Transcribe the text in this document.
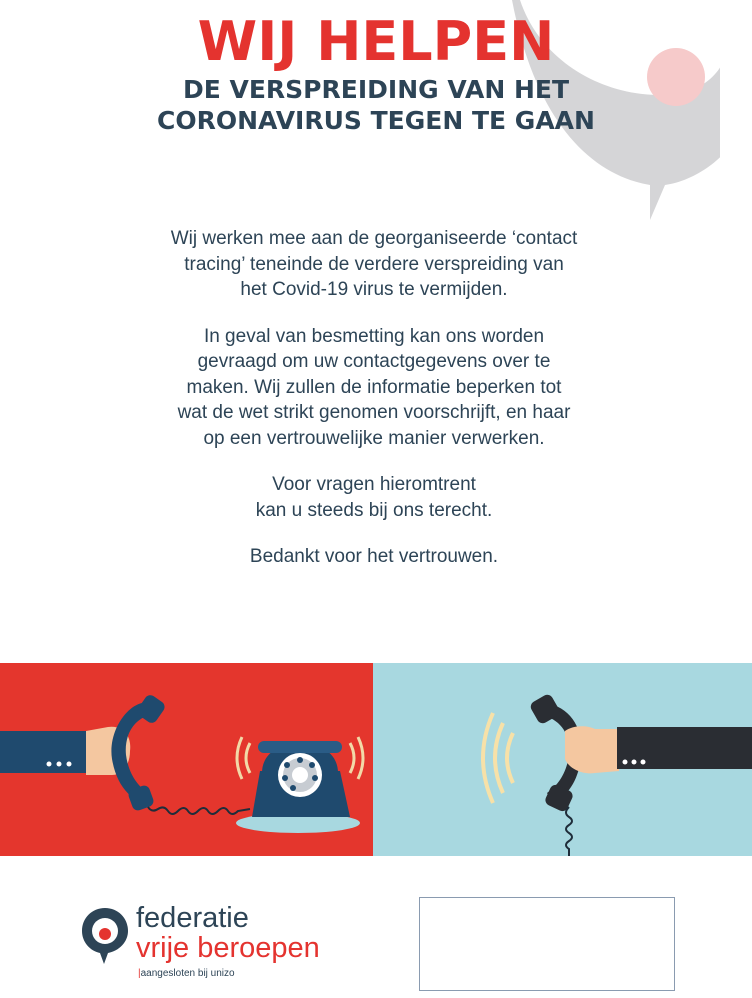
WIJ HELPEN
DE VERSPREIDING VAN HET
CORONAVIRUS TEGEN TE GAAN

Wij werken mee aan de georganiseerde ‘contact
tracing’ teneinde de verdere verspreiding van
het Covid-19 virus te vermijden.

In geval van besmetting kan ons worden
gevraagd om uw contactgegevens over te
maken. Wij zullen de informatie beperken tot
wat de wet strikt genomen voorschrijft, en haar
op een vertrouwelijke manier verwerken.

Voor vragen hieromtrent
kan u steeds bij ons terecht.

Bedankt voor het vertrouwen.

federatie
vrije beroepen
|aangesloten bij unizo
